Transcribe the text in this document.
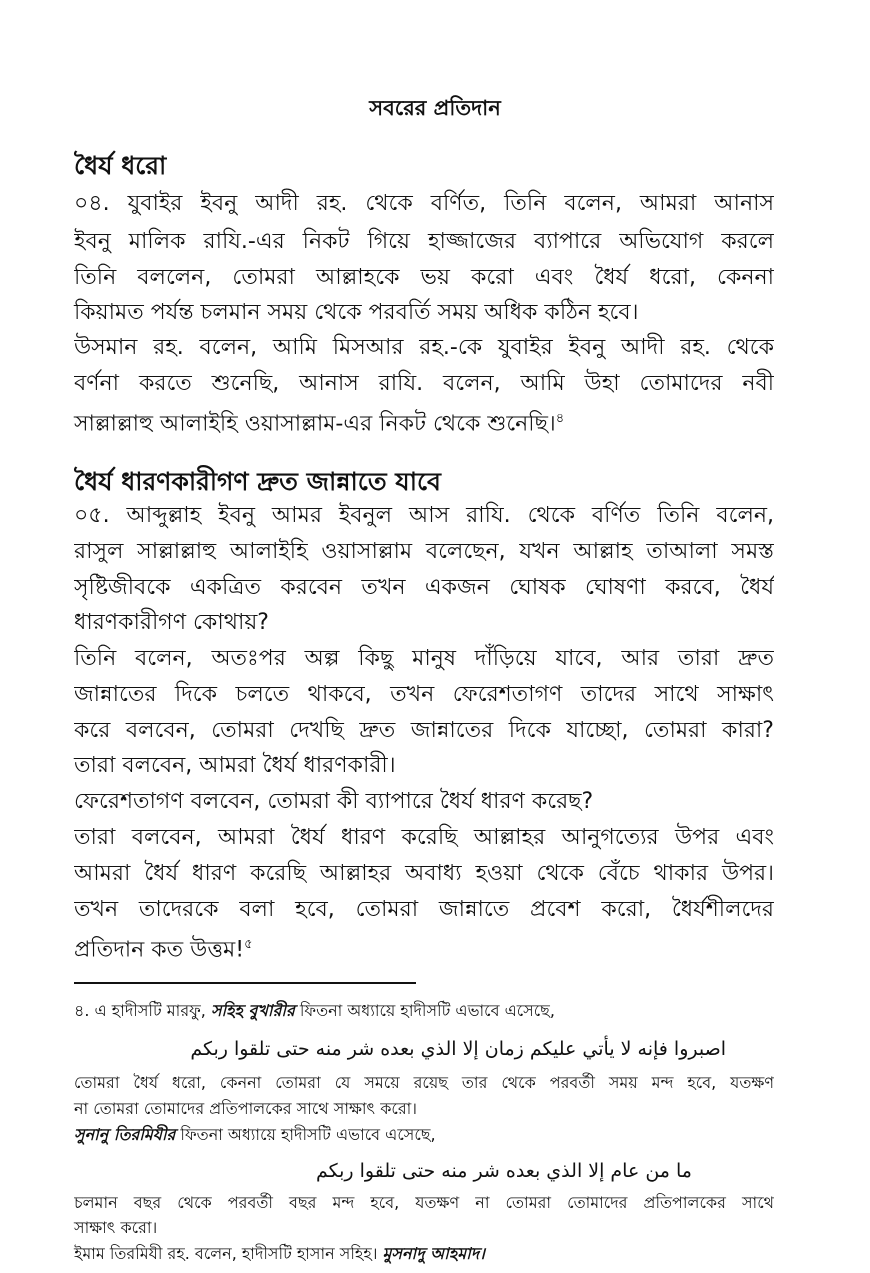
সবরের প্রতিদান
ধৈর্য ধরো
০৪. যুবাইর ইবনু আদী রহ. থেকে বর্ণিত, তিনি বলেন, আমরা আনাস
ইবনু মালিক রাযি.-এর নিকট গিয়ে হাজ্জাজের ব্যাপারে অভিযোগ করলে
তিনি বললেন, তোমরা আল্লাহকে ভয় করো এবং ধৈর্য ধরো, কেননা
কিয়ামত পর্যন্ত চলমান সময় থেকে পরবর্তি সময় অধিক কঠিন হবে।
উসমান রহ. বলেন, আমি মিসআর রহ.-কে যুবাইর ইবনু আদী রহ. থেকে
বর্ণনা করতে শুনেছি, আনাস রাযি. বলেন, আমি উহা তোমাদের নবী
সাল্লাল্লাহু আলাইহি ওয়াসাল্লাম-এর নিকট থেকে শুনেছি।$^৪$
ধৈর্য ধারণকারীগণ দ্রুত জান্নাতে যাবে
০৫. আব্দুল্লাহ ইবনু আমর ইবনুল আস রাযি. থেকে বর্ণিত তিনি বলেন,
রাসুল সাল্লাল্লাহু আলাইহি ওয়াসাল্লাম বলেছেন, যখন আল্লাহ তাআলা সমস্ত
সৃষ্টিজীবকে একত্রিত করবেন তখন একজন ঘোষক ঘোষণা করবে, ধৈর্য
ধারণকারীগণ কোথায়?
তিনি বলেন, অতঃপর অল্প কিছু মানুষ দাঁড়িয়ে যাবে, আর তারা দ্রুত
জান্নাতের দিকে চলতে থাকবে, তখন ফেরেশতাগণ তাদের সাথে সাক্ষাৎ
করে বলবেন, তোমরা দেখছি দ্রুত জান্নাতের দিকে যাচ্ছো, তোমরা কারা?
তারা বলবেন, আমরা ধৈর্য ধারণকারী।
ফেরেশতাগণ বলবেন, তোমরা কী ব্যাপারে ধৈর্য ধারণ করেছ?
তারা বলবেন, আমরা ধৈর্য ধারণ করেছি আল্লাহর আনুগত্যের উপর এবং
আমরা ধৈর্য ধারণ করেছি আল্লাহর অবাধ্য হওয়া থেকে বেঁচে থাকার উপর।
তখন তাদেরকে বলা হবে, তোমরা জান্নাতে প্রবেশ করো, ধৈর্যশীলদের
প্রতিদান কত উত্তম!$^৫$
৪. এ হাদীসটি মারফু, সহিহ বুখারীর ফিতনা অধ্যায়ে হাদীসটি এভাবে এসেছে,
اصبروا فإنه لا يأتي عليكم زمان إلا الذي بعده شر منه حتى تلقوا ربكم
তোমরা ধৈর্য ধরো, কেননা তোমরা যে সময়ে রয়েছ তার থেকে পরবর্তী সময় মন্দ হবে, যতক্ষণ
না তোমরা তোমাদের প্রতিপালকের সাথে সাক্ষাৎ করো।
সুনানু তিরমিযীর ফিতনা অধ্যায়ে হাদীসটি এভাবে এসেছে,
ما من عام إلا الذي بعده شر منه حتى تلقوا ربكم
চলমান বছর থেকে পরবর্তী বছর মন্দ হবে, যতক্ষণ না তোমরা তোমাদের প্রতিপালকের সাথে
সাক্ষাৎ করো।
ইমাম তিরমিযী রহ. বলেন, হাদীসটি হাসান সহিহ। মুসনাদু আহমাদ।
